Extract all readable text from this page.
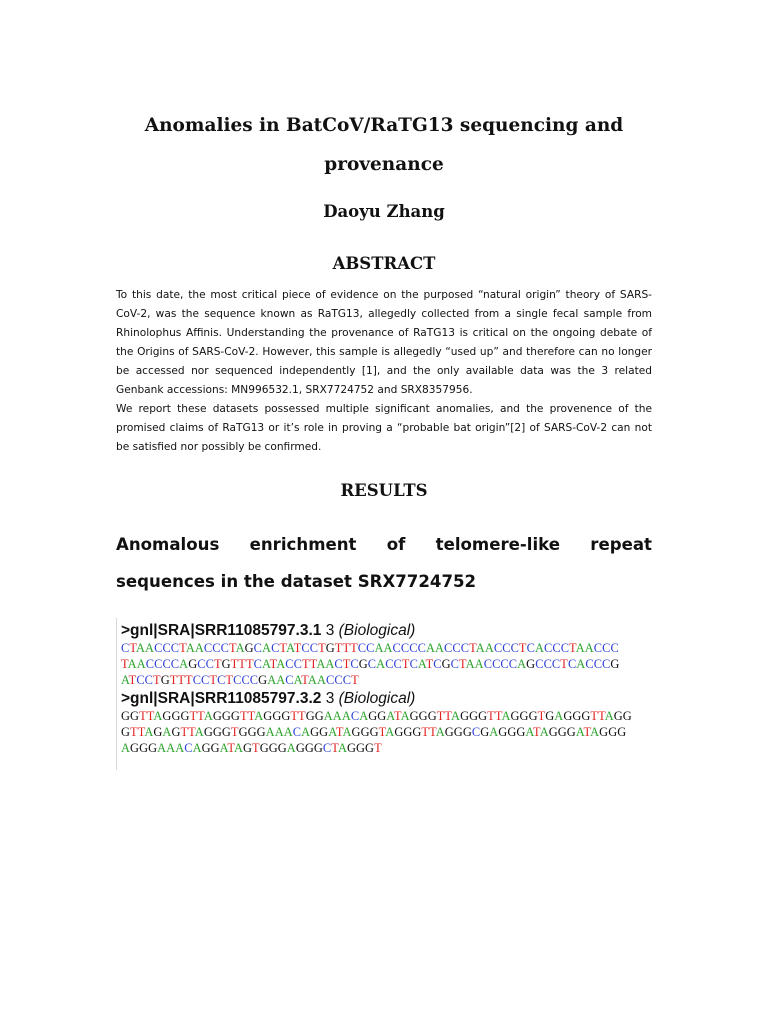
Anomalies in BatCoV/RaTG13 sequencing and
provenance
Daoyu Zhang
ABSTRACT

To this date, the most critical piece of evidence on the purposed “natural origin” theory of SARS-CoV-2, was the sequence known as RaTG13, allegedly collected from a single fecal sample from Rhinolophus Affinis. Understanding the provenance of RaTG13 is critical on the ongoing debate of the Origins of SARS-CoV-2. However, this sample is allegedly “used up” and therefore can no longer be accessed nor sequenced independently [1], and the only available data was the 3 related Genbank accessions: MN996532.1, SRX7724752 and SRX8357956.

We report these datasets possessed multiple significant anomalies, and the provenence of the promised claims of RaTG13 or it’s role in proving a “probable bat origin”[2] of SARS-CoV-2 can not be satisfied nor possibly be confirmed.

RESULTS
Anomalous enrichment of telomere-like repeat sequences in the dataset SRX7724752
>gnl|SRA|SRR11085797.3.1 3 (Biological)
CTAACCCTAACCCTAGCACTATCCTGTTTCCAACCCCAACCCTAACCCTCACCCTAACCC
TAACCCCAGCCTGTTTCATACCTTAACTCGCACCTCATCGCTAACCCCAGCCCTCACCCG
ATCCTGTTTCCTCTCCCGAACATAACCCT
>gnl|SRA|SRR11085797.3.2 3 (Biological)
GGTTAGGGTTAGGGTTAGGGTTGGAAACAGGATAGGGTTAGGGTTAGGGTGAGGGTTAGG
GTTAGAGTTAGGGTGGGAAACAGGATAGGGTAGGGTTAGGGCGAGGGATAGGGATAGGG
AGGGAAACAGGATAGTGGGAGGGCTAGGGT
